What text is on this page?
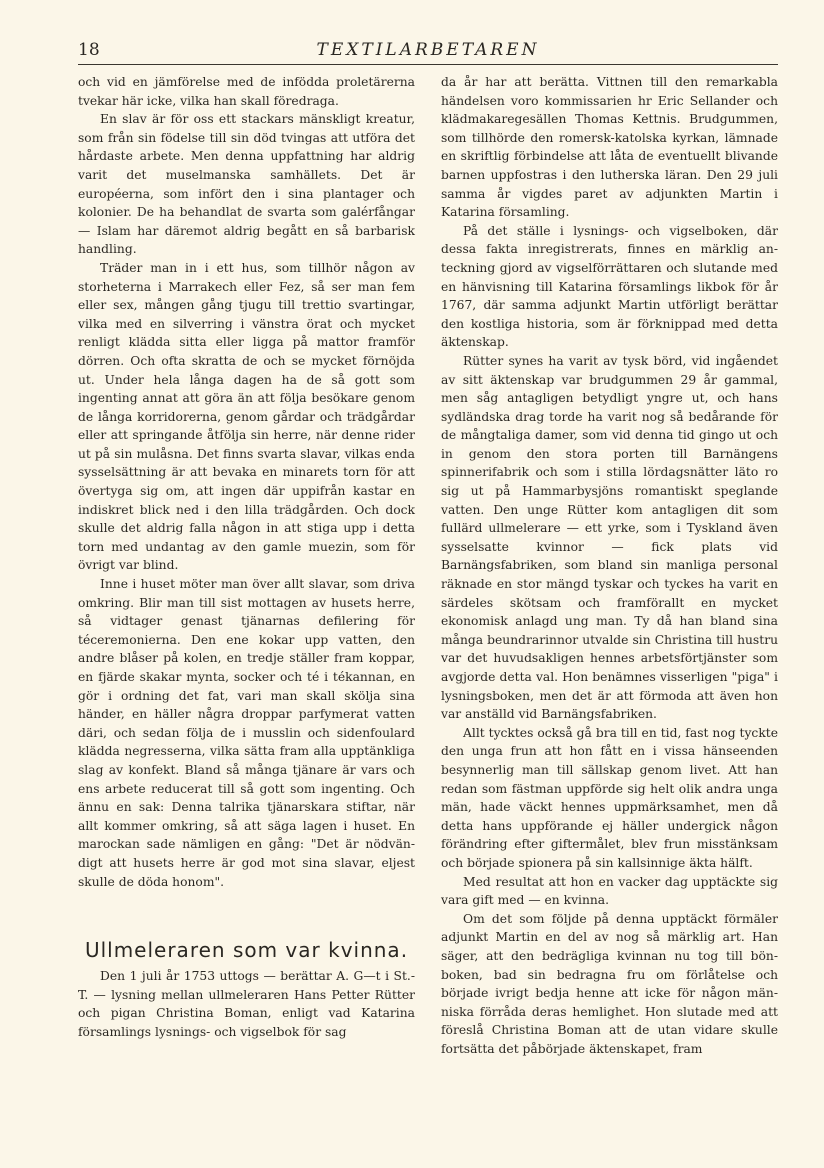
18	TEXTILARBETAREN

och vid en jämförelse med de infödda proletärerna tvekar här icke, vilka han skall föredraga.

En slav är för oss ett stackars mänskligt kreatur, som från sin födelse till sin död tvingas att utföra det hårdaste arbete. Men denna uppfattning har aldrig varit det muselmanska samhällets. Det är européerna, som infört den i sina plantager och kolonier. De ha behandlat de svarta som galérfångar — Islam har däremot aldrig begått en så barbarisk handling.

Träder man in i ett hus, som tillhör någon av storheterna i Marrakech eller Fez, så ser man fem eller sex, mången gång tjugu till trettio svartingar, vilka med en silverring i vänstra örat och mycket renligt klädda sitta eller ligga på mattor framför dörren. Och ofta skratta de och se mycket förnöjda ut. Under hela långa dagen ha de så gott som ingenting annat att göra än att följa besökare genom de långa korridorerna, genom gårdar och trädgårdar eller att springande åtfölja sin herre, när denne rider ut på sin mulåsna. Det finns svarta slavar, vilkas enda sysselsättning är att bevaka en minarets torn för att övertyga sig om, att ingen där uppifrån kastar en indiskret blick ned i den lilla trädgården. Och dock skulle det aldrig falla någon in att stiga upp i detta torn med undantag av den gamle muezin, som för övrigt var blind.

Inne i huset möter man över allt slavar, som driva omkring. Blir man till sist mottagen av husets herre, så vidtager genast tjänarnas defilering för téceremonierna. Den ene kokar upp vatten, den andre blåser på kolen, en tredje ställer fram koppar, en fjärde skakar mynta, socker och té i tékannan, en gör i ordning det fat, vari man skall skölja sina händer, en häller några droppar parfymerat vatten däri, och sedan följa de i musslin och sidenfoulard klädda negresserna, vilka sätta fram alla upptänkliga slag av konfekt. Bland så många tjänare är vars och ens arbete reducerat till så gott som ingenting. Och ännu en sak: Denna talrika tjänarskara stiftar, när allt kommer omkring, så att säga lagen i huset. En marockan sade nämligen en gång: "Det är nödvändigt att husets herre är god mot sina slavar, eljest skulle de döda honom".

Ullmeleraren som var kvinna.

Den 1 juli år 1753 uttogs — berättar A. G—t i St.-T. — lysning mellan ullmeleraren Hans Petter Rütter och pigan Christina Boman, enligt vad Katarina församlings lysnings- och vigselbok för sag

da år har att berätta. Vittnen till den remarkabla händelsen voro kommissarien hr Eric Sellander och klädmakaregesällen Thomas Kettnis. Brudgummen, som tillhörde den romersk-katolska kyrkan, lämnade en skriftlig förbindelse att låta de eventuellt blivande barnen uppfostras i den lutherska läran. Den 29 juli samma år vigdes paret av adjunkten Martin i Katarina församling.

På det ställe i lysnings- och vigselboken, där dessa fakta inregistrerats, finnes en märklig anteckning gjord av vigselförrättaren och slutande med en hänvisning till Katarina församlings likbok för år 1767, där samma adjunkt Martin utförligt berättar den kostliga historia, som är förknippad med detta äktenskap.

Rütter synes ha varit av tysk börd, vid ingåendet av sitt äktenskap var brudgummen 29 år gammal, men såg antagligen betydligt yngre ut, och hans sydländska drag torde ha varit nog så bedårande för de mångtaliga damer, som vid denna tid gingo ut och in genom den stora porten till Barnängens spinnerifabrik och som i stilla lördagsnätter läto ro sig ut på Hammarbysjöns romantiskt speglande vatten. Den unge Rütter kom antagligen dit som fullärd ullmelerare — ett yrke, som i Tyskland även sysselsatte kvinnor — fick plats vid Barnängsfabriken, som bland sin manliga personal räknade en stor mängd tyskar och tyckes ha varit en särdeles skötsam och framförallt en mycket ekonomisk anlagd ung man. Ty då han bland sina många beundrarinnor utvalde sin Christina till hustru var det huvudsakligen hennes arbetsförtjänster som avgjorde detta val. Hon benämnes visserligen "piga" i lysningsboken, men det är att förmoda att även hon var anställd vid Barnängsfabriken.

Allt tycktes också gå bra till en tid, fast nog tyckte den unga frun att hon fått en i vissa hänseenden besynnerlig man till sällskap genom livet. Att han redan som fästman uppförde sig helt olik andra unga män, hade väckt hennes uppmärksamhet, men då detta hans uppförande ej häller undergick någon förändring efter giftermålet, blev frun misstänksam och började spionera på sin kallsinnige äkta hälft.

Med resultat att hon en vacker dag upptäckte sig vara gift med — en kvinna.

Om det som följde på denna upptäckt förmäler adjunkt Martin en del av nog så märklig art. Han säger, att den bedrägliga kvinnan nu tog till bönboken, bad sin bedragna fru om förlåtelse och började ivrigt bedja henne att icke för någon människa förråda deras hemlighet. Hon slutade med att föreslå Christina Boman att de utan vidare skulle fortsätta det påbörjade äktenskapet, fram
